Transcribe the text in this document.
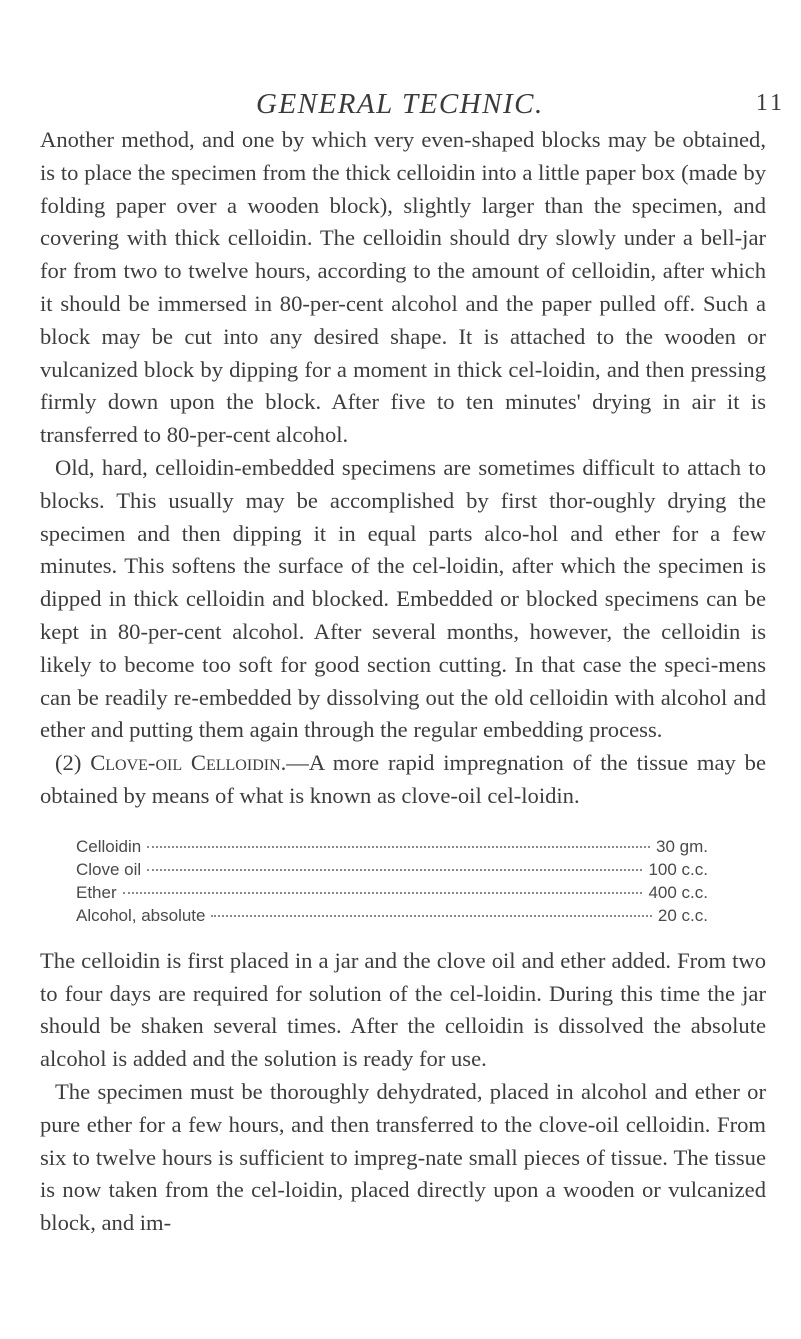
GENERAL TECHNIC.	11

Another method, and one by which very even-shaped blocks may be obtained, is to place the specimen from the thick celloidin into a little paper box (made by folding paper over a wooden block), slightly larger than the specimen, and covering with thick celloidin. The celloidin should dry slowly under a bell-jar for from two to twelve hours, according to the amount of celloidin, after which it should be immersed in 80-per-cent alcohol and the paper pulled off. Such a block may be cut into any desired shape. It is attached to the wooden or vulcanized block by dipping for a moment in thick cel-loidin, and then pressing firmly down upon the block. After five to ten minutes' drying in air it is transferred to 80-per-cent alcohol.

Old, hard, celloidin-embedded specimens are sometimes difficult to attach to blocks. This usually may be accomplished by first thor-oughly drying the specimen and then dipping it in equal parts alco-hol and ether for a few minutes. This softens the surface of the cel-loidin, after which the specimen is dipped in thick celloidin and blocked. Embedded or blocked specimens can be kept in 80-per-cent alcohol. After several months, however, the celloidin is likely to become too soft for good section cutting. In that case the speci-mens can be readily re-embedded by dissolving out the old celloidin with alcohol and ether and putting them again through the regular embedding process.

(2) Clove-oil Celloidin.—A more rapid impregnation of the tissue may be obtained by means of what is known as clove-oil cel-loidin.

Celloidin	30 gm.
Clove oil	100 c.c.
Ether	400 c.c.
Alcohol, absolute	20 c.c.

The celloidin is first placed in a jar and the clove oil and ether added. From two to four days are required for solution of the cel-loidin. During this time the jar should be shaken several times. After the celloidin is dissolved the absolute alcohol is added and the solution is ready for use.

The specimen must be thoroughly dehydrated, placed in alcohol and ether or pure ether for a few hours, and then transferred to the clove-oil celloidin. From six to twelve hours is sufficient to impreg-nate small pieces of tissue. The tissue is now taken from the cel-loidin, placed directly upon a wooden or vulcanized block, and im-
